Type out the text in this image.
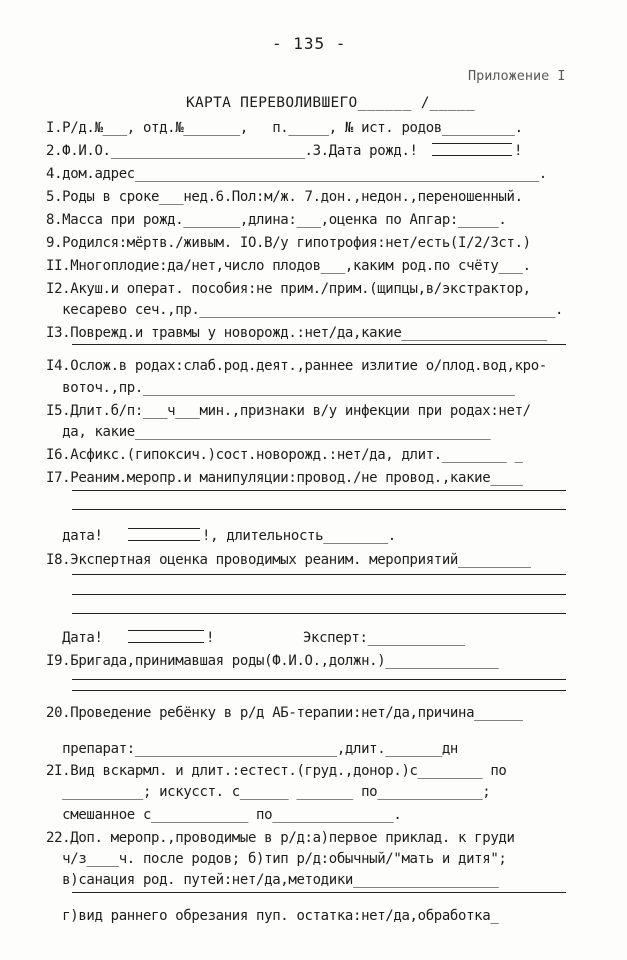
- 135 -
Приложение I
КАРТА ПЕРЕВОЛИВШЕГО______ /_____
I.Р/д.№___, отд.№_______,   п._____, № ист. родов_________.
2.Ф.И.О.________________________.3.Дата рожд.!	!
4.дом.адрес__________________________________________________.
5.Роды в сроке___нед.6.Пол:м/ж. 7.дон.,недон.,переношенный.
8.Масса при рожд._______,длина:___,оценка по Апгар:_____.
9.Родился:мёртв./живым. IO.В/у гипотрофия:нет/есть(I/2/3ст.)
II.Многоплодие:да/нет,число плодов___,каким род.по счёту___.
I2.Акуш.и операт. пособия:не прим./прим.(щипцы,в/экстрактор,
кесарево сеч.,пр.____________________________________________.
I3.Поврежд.и травмы у новорожд.:нет/да,какие__________________
I4.Ослож.в родах:слаб.род.деят.,раннее излитие о/плод.вод,кро-
воточ.,пр.______________________________________________
I5.Длит.б/п:___ч___мин.,признаки в/у инфекции при родах:нет/
да, какие____________________________________________
I6.Асфикс.(гипоксич.)сост.новорожд.:нет/да, длит.________ _
I7.Реаним.меропр.и манипуляции:провод./не провод.,какие____
дата!	!, длительность________.
I8.Экспертная оценка проводимых реаним. мероприятий_________
Дата!	!           Эксперт:____________
I9.Бригада,принимавшая роды(Ф.И.О.,должн.)______________
20.Проведение ребёнку в р/д АБ-терапии:нет/да,причина______
препарат:_________________________,длит._______дн
2I.Вид вскармл. и длит.:естест.(груд.,донор.)с________ по
__________; искусст. с______ _______ по_____________;
смешанное с____________ по_______________.
22.Доп. меропр.,проводимые в р/д:а)первое приклад. к груди
ч/з____ч. после родов; б)тип р/д:обычный/"мать и дитя";
в)санация род. путей:нет/да,методики__________________
г)вид раннего обрезания пуп. остатка:нет/да,обработка_
